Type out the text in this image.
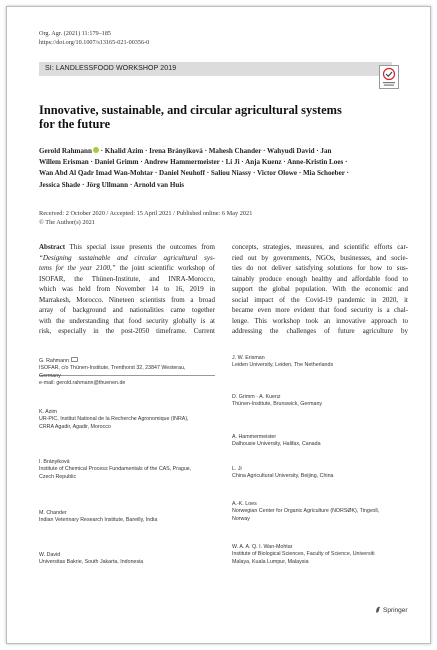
Org. Agr. (2021) 11:179–185
https://doi.org/10.1007/s13165-021-00356-0
SI: LANDLESSFOOD WORKSHOP 2019
Innovative, sustainable, and circular agricultural systems
for the future
Gerold Rahmann · Khalid Azim · Irena Brányiková · Mahesh Chander · Wahyudi David · Jan
Willem Erisman · Daniel Grimm · Andrew Hammermeister · Li Ji · Anja Kuenz · Anne-Kristin Loes ·
Wan Abd Al Qadr Imad Wan-Mohtar · Daniel Neuhoff · Saliou Niassy · Victor Olowe · Mia Schoeber ·
Jessica Shade · Jörg Ullmann · Arnold van Huis
Received: 2 October 2020 / Accepted: 15 April 2021 / Published online: 6 May 2021
© The Author(s) 2021
Abstract This special issue presents the outcomes from
“Designing sustainable and circular agricultural sys-
tems for the year 2100,” the joint scientific workshop of
ISOFAR, the Thünen-Institute, and INRA-Morocco,
which was held from November 14 to 16, 2019 in
Marrakesh, Morocco. Nineteen scientists from a broad
array of background and nationalities came together
with the understanding that food security globally is at
risk, especially in the post-2050 timeframe. Current
concepts, strategies, measures, and scientific efforts car-
ried out by governments, NGOs, businesses, and socie-
ties do not deliver satisfying solutions for how to sus-
tainably produce enough healthy and affordable food to
support the global population. With the economic and
social impact of the Covid-19 pandemic in 2020, it
became even more evident that food security is a chal-
lenge. This workshop took an innovative approach to
addressing the challenges of future agriculture by
G. Rahmann
ISOFAR, c/o Thünen-Institute, Trenthorst 32, 23847 Westerau,
Germany
e-mail: gerold.rahmann@thuenen.de
K. Azim
UR-PIC, Institut National de la Recherche Agronomique (INRA),
CRRA Agadir, Agadir, Morocco
I. Brányiková
Institute of Chemical Process Fundamentals of the CAS, Prague,
Czech Republic
M. Chander
Indian Veterinary Research Institute, Bareilly, India
W. David
Universitas Bakrie, South Jakarta, Indonesia
J. W. Erisman
Leiden University, Leiden, The Netherlands
D. Grimm · A. Kuenz
Thünen-Institute, Brunswick, Germany
A. Hammermeister
Dalhousie University, Halifax, Canada
L. Ji
China Agricultural University, Beijing, China
A.-K. Loes
Norwegian Center for Organic Agriculture (NORSØK), Tingvoll,
Norway
W. A. A. Q. I. Wan-Mohtar
Institute of Biological Sciences, Faculty of Science, Universiti
Malaya, Kuala Lumpur, Malaysia
Springer
